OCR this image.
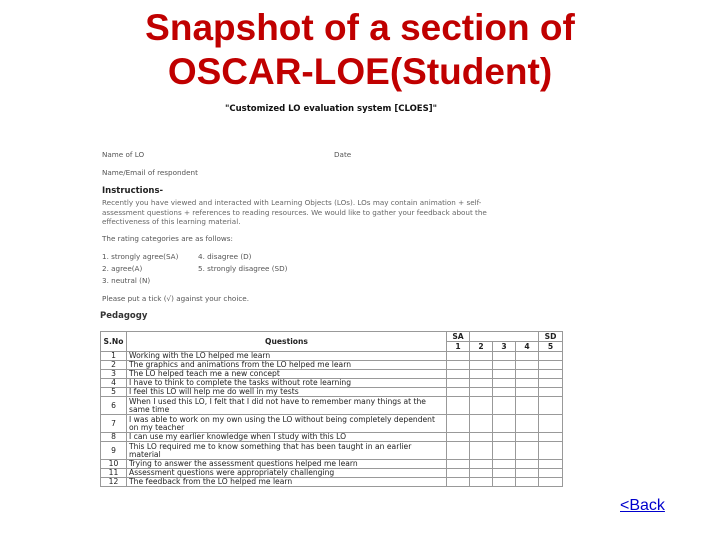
Snapshot of a section of
OSCAR-LOE(Student)
"Customized LO evaluation system [CLOES]"
Name of LO	Date
Name/Email of respondent
Instructions-
Recently you have viewed and interacted with Learning Objects (LOs). LOs may contain animation + self-assessment questions + references to reading resources. We would like to gather your feedback about the effectiveness of this learning material.
The rating categories are as follows:
1. strongly agree(SA)	4. disagree (D)
2. agree(A)	5. strongly disagree (SD)
3. neutral (N)
Please put a tick (√) against your choice.
Pedagogy
S.No	Questions	SA				SD
		1	2	3	4	5
1	Working with the LO helped me learn					
2	The graphics and animations from the LO helped me learn					
3	The LO helped teach me a new concept					
4	I have to think to complete the tasks without rote learning					
5	I feel this LO will help me do well in my tests					
6	When I used this LO, I felt that I did not have to remember many things at the same time					
7	I was able to work on my own using the LO without being completely dependent on my teacher					
8	I can use my earlier knowledge when I study with this LO					
9	This LO required me to know something that has been taught in an earlier material					
10	Trying to answer the assessment questions helped me learn					
11	Assessment questions were appropriately challenging					
12	The feedback from the LO helped me learn					
<Back
